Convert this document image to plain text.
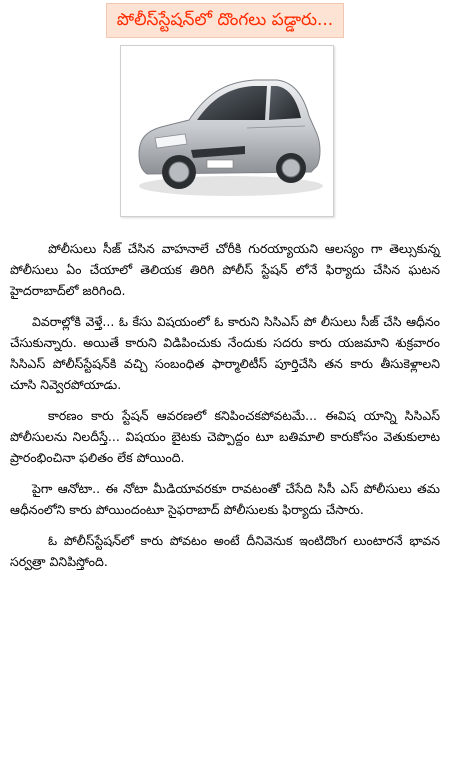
పోలీస్‌స్టేషన్‌లో దొంగలు పడ్డారు...

పోలీసులు సీజ్ చేసిన వాహనాలే చోరీకి గురయ్యాయని ఆలస్యం గా తెల్సుకున్న పోలీసులు ఏం చేయాలో తెలియక తిరిగి పోలీస్ స్టేషన్ లోనే ఫిర్యాదు చేసిన ఘటన హైదరాబాద్‌లో జరిగింది.

వివరాల్లోకి వెళ్తే... ఓ కేసు విషయంలో ఓ కారుని సిసిఎస్ పో లీసులు సీజ్ చేసి ఆధీనం చేసుకున్నారు. అయితే కారుని విడిపించుకు నేందుకు సదరు కారు యజమాని శుక్రవారం సిసిఎస్ పోలీస్‌స్టేషన్‌కి వచ్చి సంబంధిత ఫార్మాలిటీస్ పూర్తిచేసి తన కారు తీసుకెళ్లాలని చూసి నివ్వెరపోయాడు.

కారణం కారు స్టేషన్ ఆవరణలో కనిపించకపోవటమే... ఈవిష యాన్ని సిసిఎస్ పోలీసులను నిలదీస్తే... విషయం బైటకు చెప్పొద్దం టూ బతిమాలి కారుకోసం వెతుకులాట ప్రారంభించినా ఫలితం లేక పోయింది.

పైగా ఆనోటా.. ఈ నోటా మీడియావరకూ రావటంతో చేసేది సిసీ ఎస్ పోలీసులు తమ ఆధీనంలోని కారు పోయిందంటూ సైఫరాబాద్ పోలీసులకు ఫిర్యాదు చేసారు.

ఓ పోలీస్‌స్టేషన్‌లో కారు పోవటం అంటే దీనివెనుక ఇంటిదొంగ లుంటారనే భావన సర్వత్రా వినిపిస్తోంది.
